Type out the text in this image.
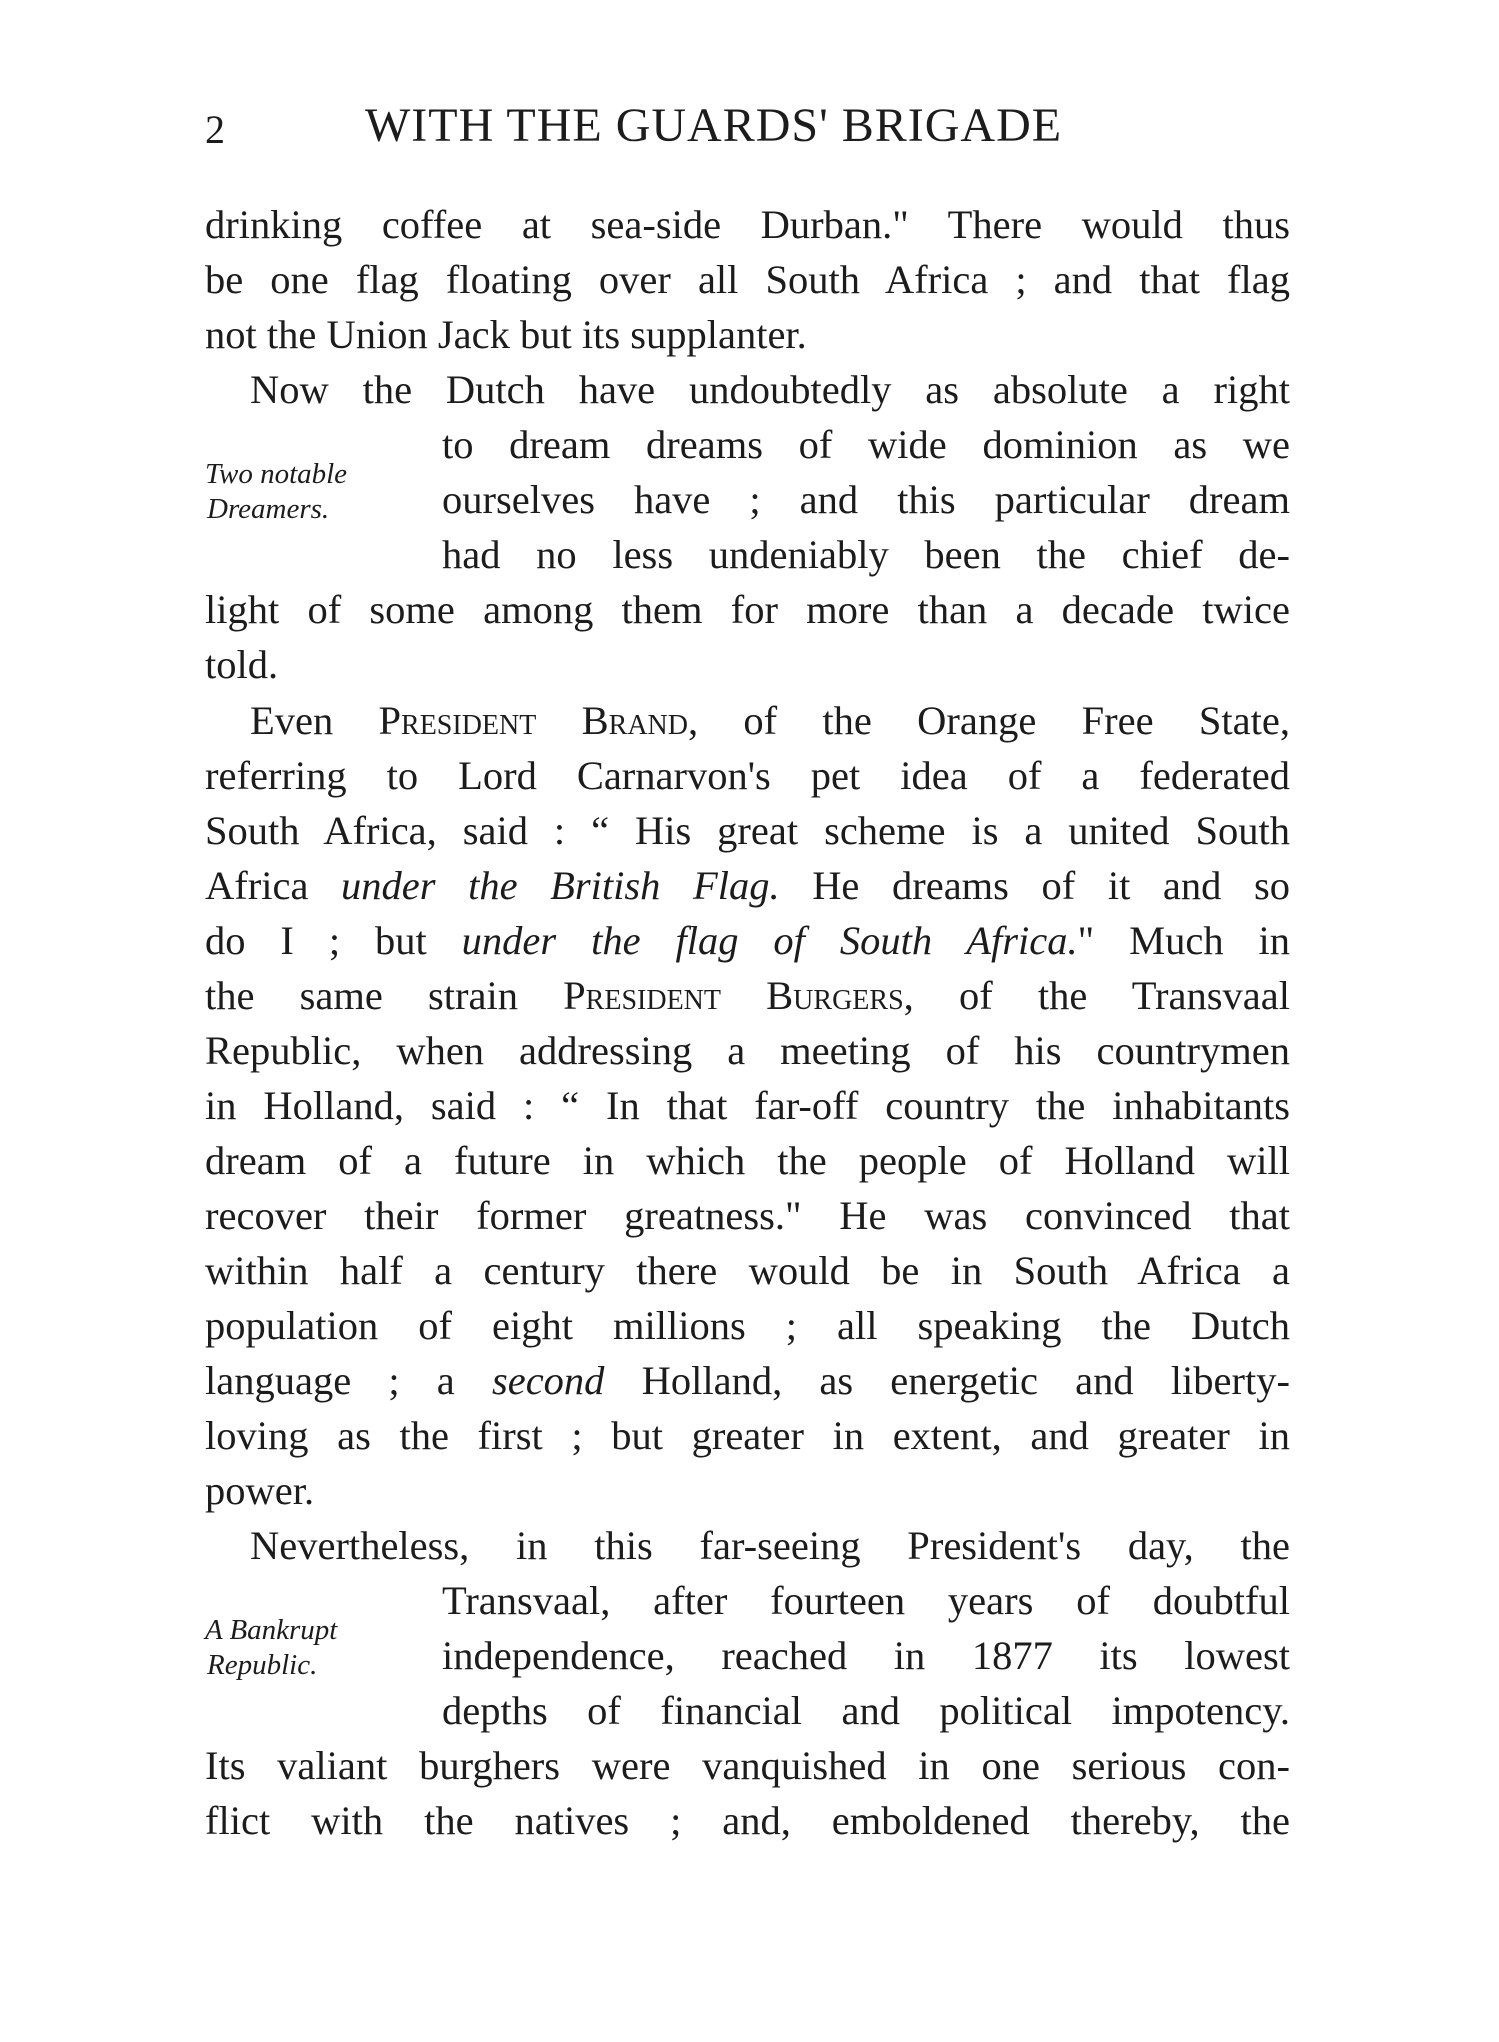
2	WITH THE GUARDS' BRIGADE
drinking coffee at sea-side Durban." There would thus
be one flag floating over all South Africa ; and that flag
not the Union Jack but its supplanter.
Now the Dutch have undoubtedly as absolute a right
Two notable
Dreamers.
to dream dreams of wide dominion as we
ourselves have ; and this particular dream
had no less undeniably been the chief de-
light of some among them for more than a decade twice
told.
Even President Brand, of the Orange Free State,
referring to Lord Carnarvon's pet idea of a federated
South Africa, said : “ His great scheme is a united South
Africa under the British Flag. He dreams of it and so
do I ; but under the flag of South Africa." Much in
the same strain President Burgers, of the Transvaal
Republic, when addressing a meeting of his countrymen
in Holland, said : “ In that far-off country the inhabitants
dream of a future in which the people of Holland will
recover their former greatness." He was convinced that
within half a century there would be in South Africa a
population of eight millions ; all speaking the Dutch
language ; a second Holland, as energetic and liberty-
loving as the first ; but greater in extent, and greater in
power.
Nevertheless, in this far-seeing President's day, the
A Bankrupt
Republic.
Transvaal, after fourteen years of doubtful
independence, reached in 1877 its lowest
depths of financial and political impotency.
Its valiant burghers were vanquished in one serious con-
flict with the natives ; and, emboldened thereby, the
